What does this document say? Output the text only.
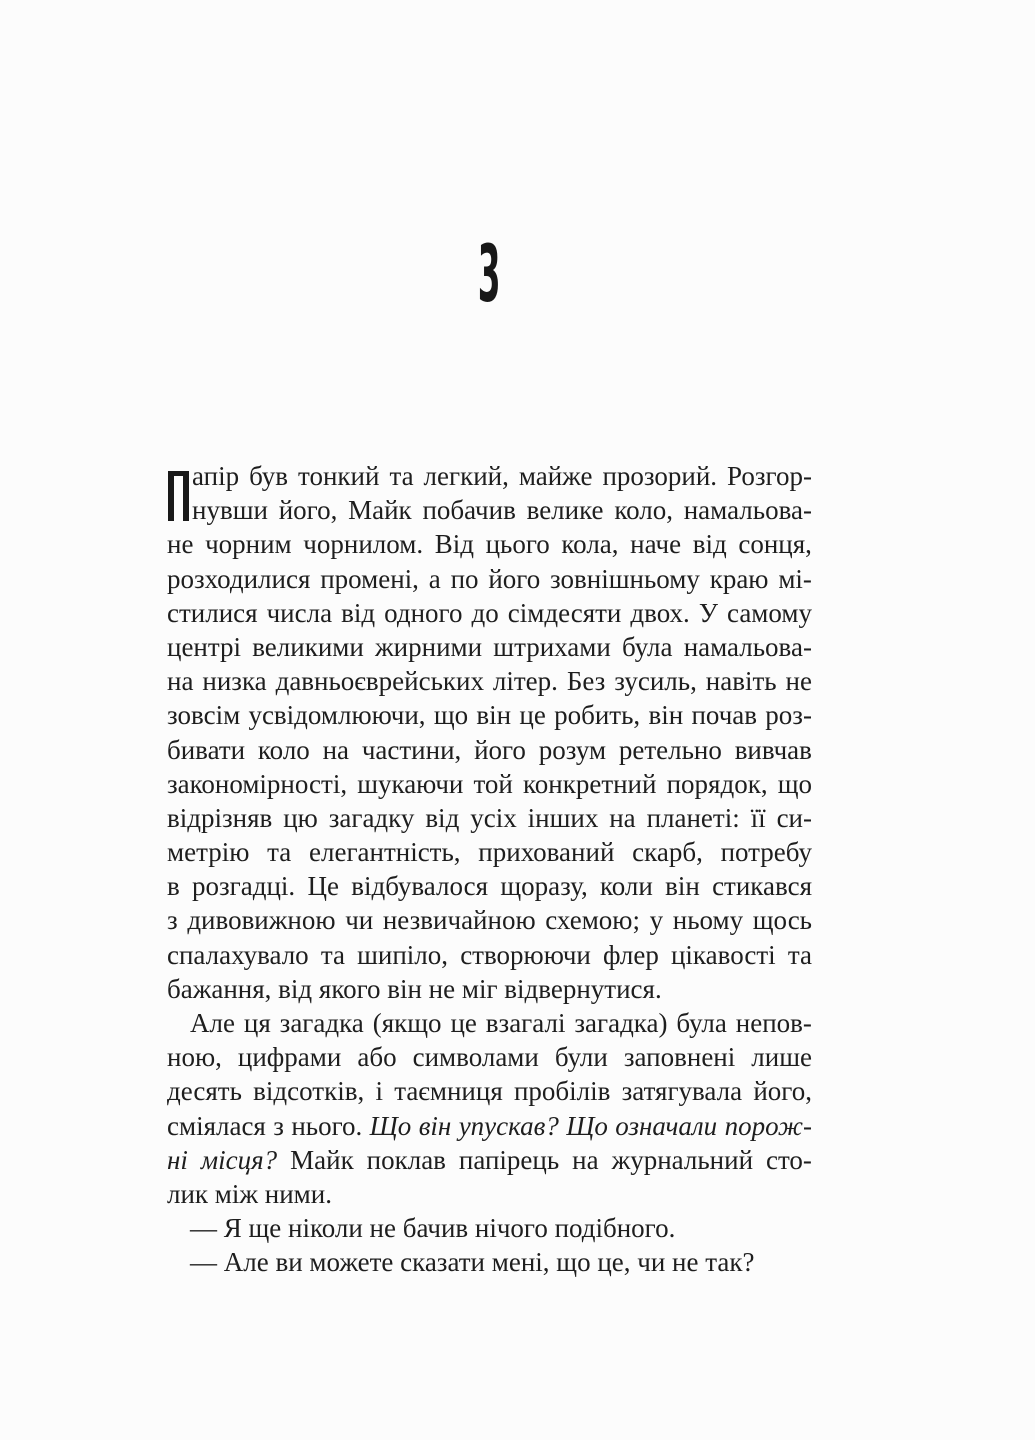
3
апір був тонкий та легкий, майже прозорий. Розгор-
нувши його, Майк побачив велике коло, намальова-
не чорним чорнилом. Від цього кола, наче від сонця,
розходилися промені, а по його зовнішньому краю мі-
стилися числа від одного до сімдесяти двох. У самому
центрі великими жирними штрихами була намальова-
на низка давньоєврейських літер. Без зусиль, навіть не
зовсім усвідомлюючи, що він це робить, він почав роз-
бивати коло на частини, його розум ретельно вивчав
закономірності, шукаючи той конкретний порядок, що
відрізняв цю загадку від усіх інших на планеті: її си-
метрію та елегантність, прихований скарб, потребу
в розгадці. Це відбувалося щоразу, коли він стикався
з дивовижною чи незвичайною схемою; у ньому щось
спалахувало та шипіло, створюючи флер цікавості та
бажання, від якого він не міг відвернутися.
Але ця загадка (якщо це взагалі загадка) була непов-
ною, цифрами або символами були заповнені лише
десять відсотків, і таємниця пробілів затягувала його,
сміялася з нього. Що він упускав? Що означали порож-
ні місця? Майк поклав папірець на журнальний сто-
лик між ними.
— Я ще ніколи не бачив нічого подібного.
— Але ви можете сказати мені, що це, чи не так?
